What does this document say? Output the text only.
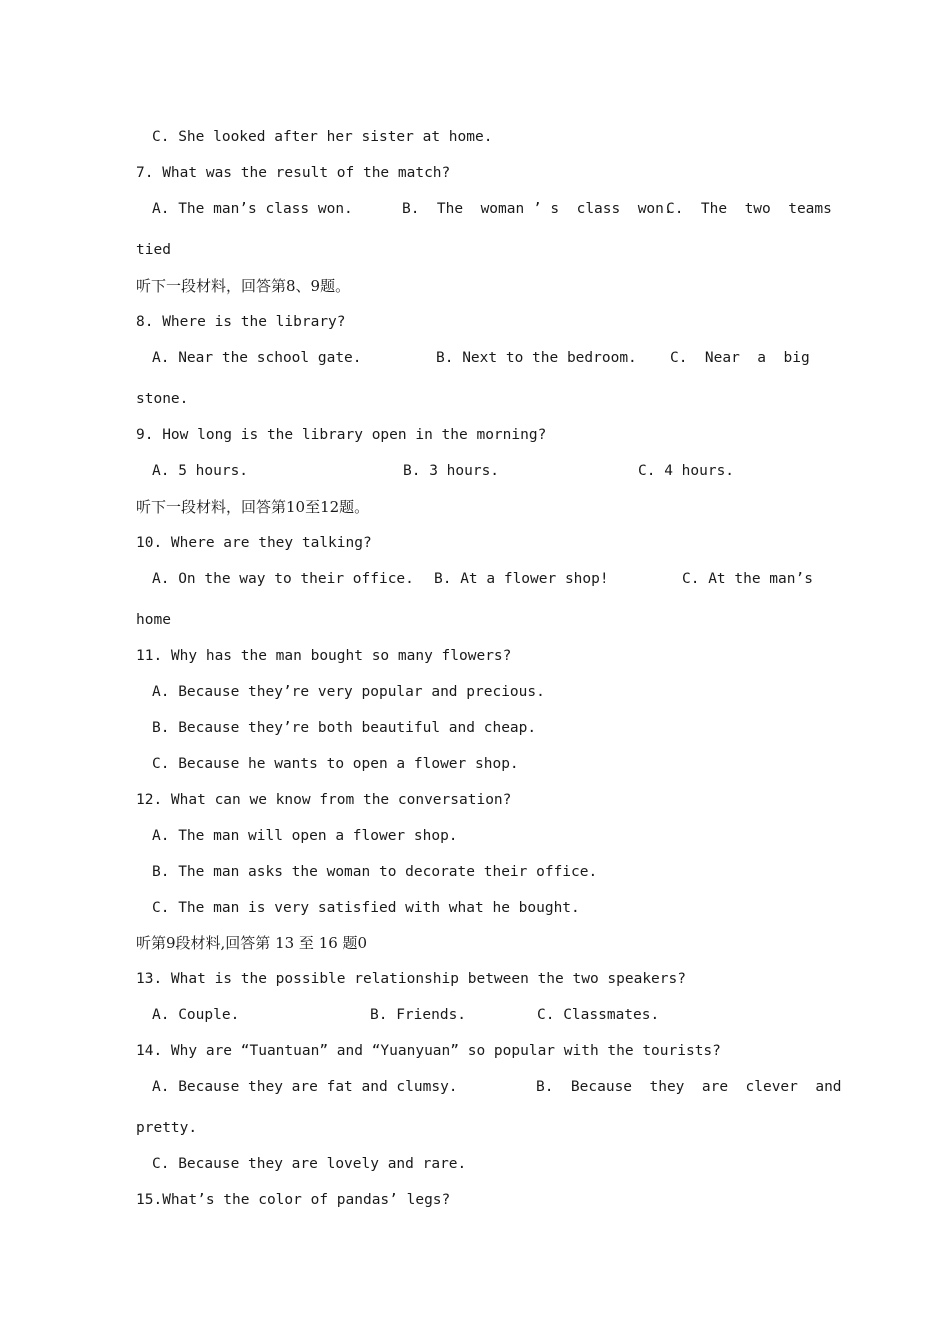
C. She looked after her sister at home.
7. What was the result of the match?
A. The man’s class won.	B.  The  woman ’ s  class  won.
C.  The  two  teams
tied
听下一段材料，回答第8、9题。
8. Where is the library?
A. Near the school gate.	B. Next to the bedroom. C.  Near  a  big
stone.
9. How long is the library open in the morning?
A. 5 hours.	B. 3 hours.	C. 4 hours.
听下一段材料，回答第10至12题。
10. Where are they talking?
A. On the way to their office. B. At a flower shop!	C. At the man’s
home
11. Why has the man bought so many flowers?
A. Because they’re very popular and precious.
B. Because they’re both beautiful and cheap.
C. Because he wants to open a flower shop.
12. What can we know from the conversation?
A. The man will open a flower shop.
B. The man asks the woman to decorate their office.
C. The man is very satisfied with what he bought.
听第9段材料,回答第 13 至 16 题0
13. What is the possible relationship between the two speakers?
A. Couple.	B. Friends.	C. Classmates.
14. Why are “Tuantuan” and “Yuanyuan” so popular with the tourists?
A. Because they are fat and clumsy.	B.  Because  they  are  clever  and
pretty.
C. Because they are lovely and rare.
15.What’s the color of pandas’ legs?
